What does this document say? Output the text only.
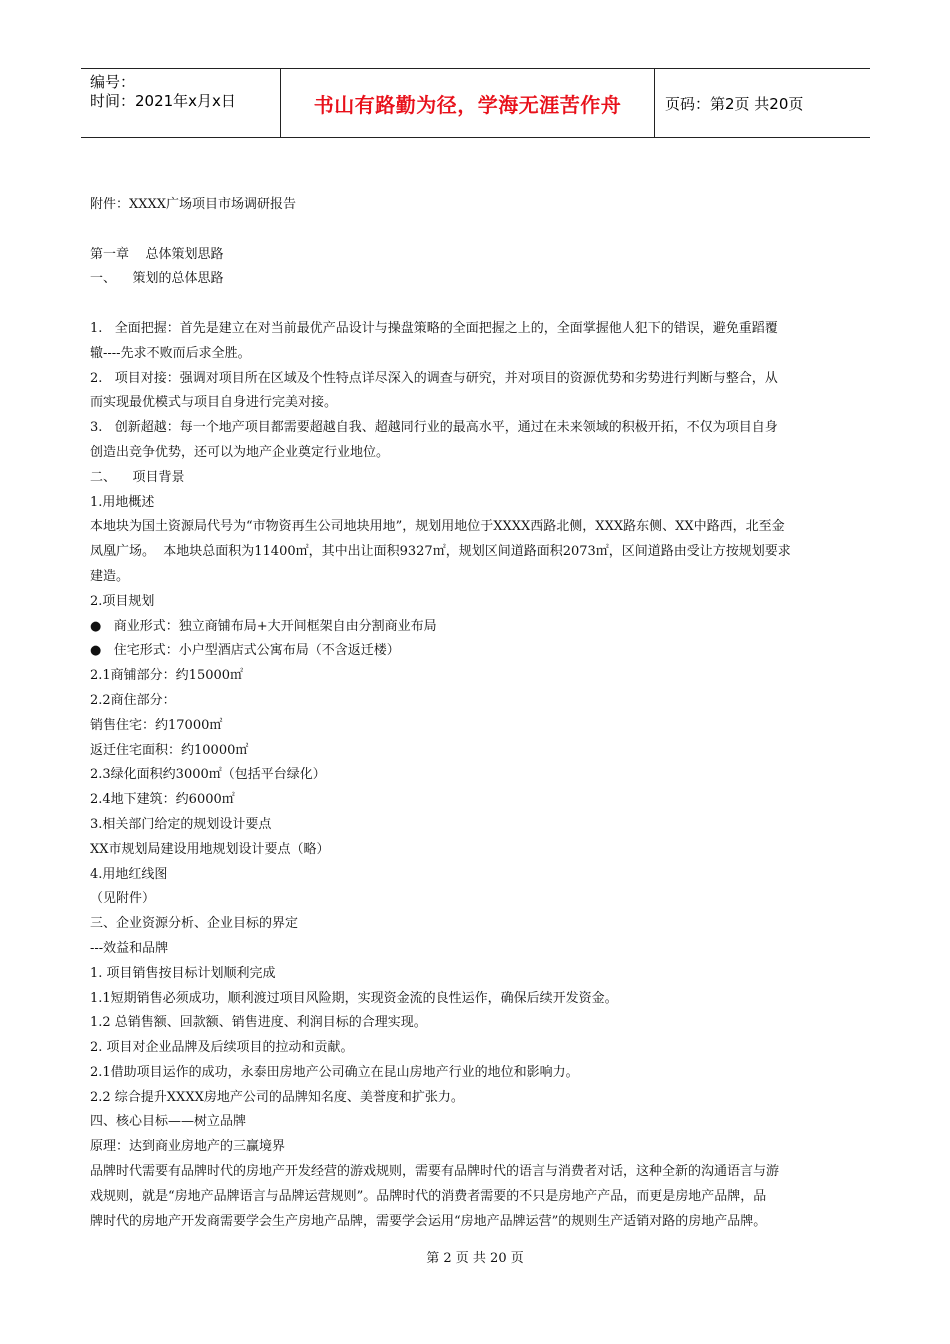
编号：
时间：2021年x月x日	书山有路勤为径，学海无涯苦作舟	页码：第2页 共20页

附件：XXXX广场项目市场调研报告

第一章    总体策划思路

一、    策划的总体思路

1.   全面把握：首先是建立在对当前最优产品设计与操盘策略的全面把握之上的，全面掌握他人犯下的错误，避免重蹈覆

辙----先求不败而后求全胜。

2.   项目对接：强调对项目所在区域及个性特点详尽深入的调查与研究，并对项目的资源优势和劣势进行判断与整合，从

而实现最优模式与项目自身进行完美对接。

3.   创新超越：每一个地产项目都需要超越自我、超越同行业的最高水平，通过在未来领域的积极开拓，不仅为项目自身

创造出竞争优势，还可以为地产企业奠定行业地位。

二、    项目背景

1.用地概述

本地块为国土资源局代号为“市物资再生公司地块用地”，规划用地位于XXXX西路北侧，XXX路东侧、XX中路西，北至金

凤凰广场。  本地块总面积为11400㎡，其中出让面积9327㎡，规划区间道路面积2073㎡，区间道路由受让方按规划要求

建造。

2.项目规划

●   商业形式：独立商铺布局+大开间框架自由分割商业布局

●   住宅形式：小户型酒店式公寓布局（不含返迁楼）

2.1商铺部分：约15000㎡

2.2商住部分：

销售住宅：约17000㎡

返迁住宅面积：约10000㎡

2.3绿化面积约3000㎡（包括平台绿化）

2.4地下建筑：约6000㎡

3.相关部门给定的规划设计要点

XX市规划局建设用地规划设计要点（略）

4.用地红线图

（见附件）

三、企业资源分析、企业目标的界定

---效益和品牌

1. 项目销售按目标计划顺利完成

1.1短期销售必须成功，顺利渡过项目风险期，实现资金流的良性运作，确保后续开发资金。

1.2 总销售额、回款额、销售进度、利润目标的合理实现。

2. 项目对企业品牌及后续项目的拉动和贡献。

2.1借助项目运作的成功，永泰田房地产公司确立在昆山房地产行业的地位和影响力。

2.2 综合提升XXXX房地产公司的品牌知名度、美誉度和扩张力。

四、核心目标——树立品牌

原理：达到商业房地产的三赢境界

品牌时代需要有品牌时代的房地产开发经营的游戏规则，需要有品牌时代的语言与消费者对话，这种全新的沟通语言与游

戏规则，就是“房地产品牌语言与品牌运营规则”。品牌时代的消费者需要的不只是房地产产品，而更是房地产品牌，品

牌时代的房地产开发商需要学会生产房地产品牌，需要学会运用“房地产品牌运营”的规则生产适销对路的房地产品牌。

第 2 页 共 20 页
